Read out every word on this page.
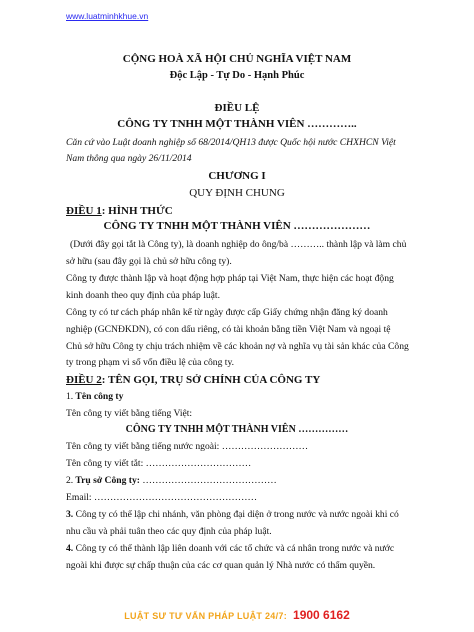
www.luatminhkhue.vn
CỘNG HOÀ XÃ HỘI CHỦ NGHĨA VIỆT NAM
Độc Lập - Tự Do - Hạnh Phúc
ĐIỀU LỆ
CÔNG TY TNHH MỘT THÀNH VIÊN …………..
Căn cứ vào Luật doanh nghiệp số 68/2014/QH13 được Quốc hội nước CHXHCN Việt
Nam thông qua ngày 26/11/2014
CHƯƠNG I
QUY ĐỊNH CHUNG
ĐIỀU 1: HÌNH THỨC
CÔNG TY TNHH MỘT THÀNH VIÊN …………………
(Dưới đây gọi tắt là Công ty), là doanh nghiệp do ông/bà ……….. thành lập và làm chủ
sở hữu (sau đây gọi là chủ sở hữu công ty).
Công ty được thành lập và hoạt động hợp pháp tại Việt Nam, thực hiện các hoạt động
kinh doanh theo quy định của pháp luật.
Công ty có tư cách pháp nhân kể từ ngày được cấp Giấy chứng nhận đăng ký doanh
nghiệp (GCNĐKDN), có con dấu riêng, có tài khoản bằng tiền Việt Nam và ngoại tệ
Chủ sở hữu Công ty chịu trách nhiệm về các khoản nợ và nghĩa vụ tài sản khác của Công
ty trong phạm vi số vốn điều lệ của công ty.
ĐIỀU 2: TÊN GỌI, TRỤ SỞ CHÍNH CỦA CÔNG TY
1. Tên công ty
Tên công ty viết bằng tiếng Việt:
CÔNG TY TNHH MỘT THÀNH VIÊN ……………
Tên công ty viết bằng tiếng nước ngoài: ………………………
Tên công ty viết tắt: ……………………………
2. Trụ sở Công ty: ……………………………………
Email: ……………………………………………
3. Công ty có thể lập chi nhánh, văn phòng đại diện ở trong nước và nước ngoài khi có
nhu cầu và phải tuân theo các quy định của pháp luật.
4. Công ty có thể thành lập liên doanh với các tổ chức và cá nhân trong nước và nước
ngoài khi được sự chấp thuận của các cơ quan quản lý Nhà nước có thẩm quyền.
LUẬT SƯ TƯ VẤN PHÁP LUẬT 24/7: 1900 6162
